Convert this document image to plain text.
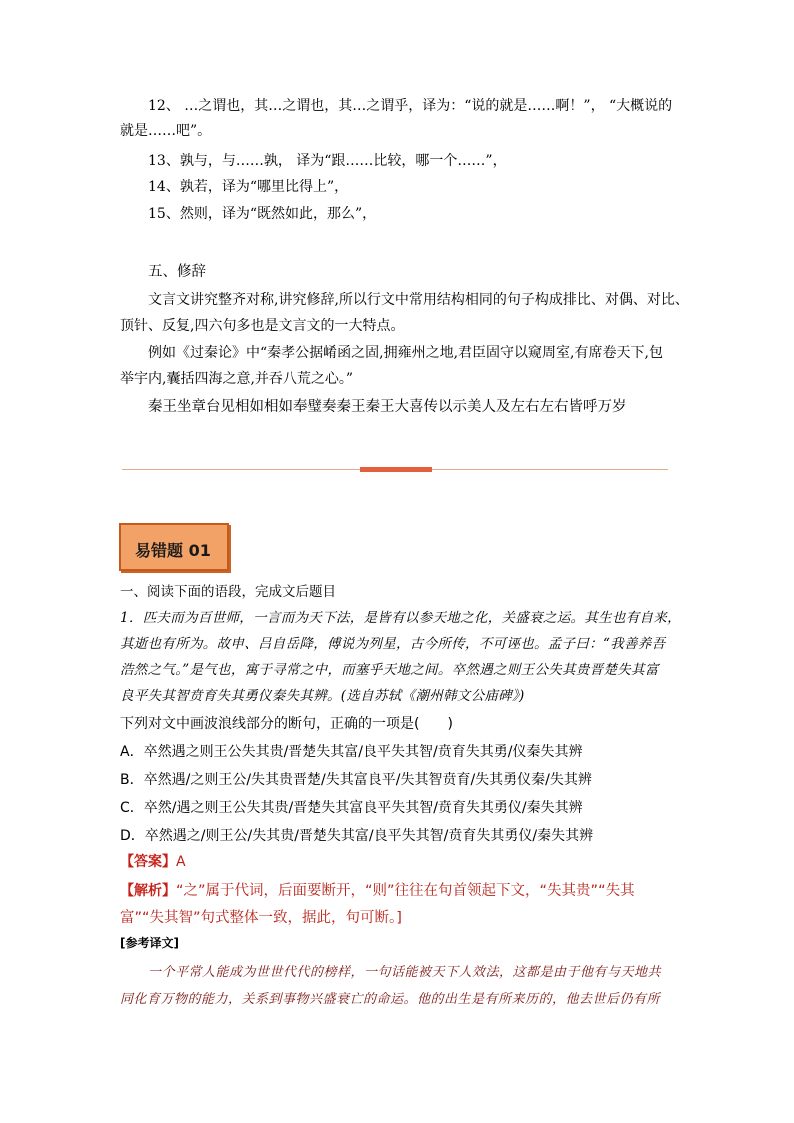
12、 …之谓也，其…之谓也，其…之谓乎，译为：“说的就是……啊！”， “大概说的
就是……吧”。
13、孰与，与……孰， 译为“跟……比较，哪一个……”，
14、孰若，译为“哪里比得上”，
15、然则，译为“既然如此，那么”，
五、修辞
文言文讲究整齐对称,讲究修辞,所以行文中常用结构相同的句子构成排比、对偶、对比、
顶针、反复,四六句多也是文言文的一大特点。
例如《过秦论》中“秦孝公据崤函之固,拥雍州之地,君臣固守以窥周室,有席卷天下,包
举宇内,囊括四海之意,并吞八荒之心。”
秦王坐章台见相如相如奉璧奏秦王秦王大喜传以示美人及左右左右皆呼万岁
易错题 01
一、阅读下面的语段，完成文后题目
1．匹夫而为百世师，一言而为天下法，是皆有以参天地之化，关盛衰之运。其生也有自来，
其逝也有所为。故申、吕自岳降，傅说为列星，古今所传，不可诬也。孟子曰：“我善养吾
浩然之气。”是气也，寓于寻常之中，而塞乎天地之间。卒然遇之则王公失其贵晋楚失其富
良平失其智贲育失其勇仪秦失其辨。(选自苏轼《潮州韩文公庙碑》)
下列对文中画波浪线部分的断句，正确的一项是(　　)
A．卒然遇之则王公失其贵/晋楚失其富/良平失其智/贲育失其勇/仪秦失其辨
B．卒然遇/之则王公/失其贵晋楚/失其富良平/失其智贲育/失其勇仪秦/失其辨
C．卒然/遇之则王公失其贵/晋楚失其富良平失其智/贲育失其勇仪/秦失其辨
D．卒然遇之/则王公/失其贵/晋楚失其富/良平失其智/贲育失其勇仪/秦失其辨
【答案】A
【解析】“之”属于代词，后面要断开，“则”往往在句首领起下文，“失其贵”“失其
富”“失其智”句式整体一致，据此，句可断。]
[参考译文]
一个平常人能成为世世代代的榜样，一句话能被天下人效法，这都是由于他有与天地共
同化育万物的能力，关系到事物兴盛衰亡的命运。他的出生是有所来历的，他去世后仍有所
